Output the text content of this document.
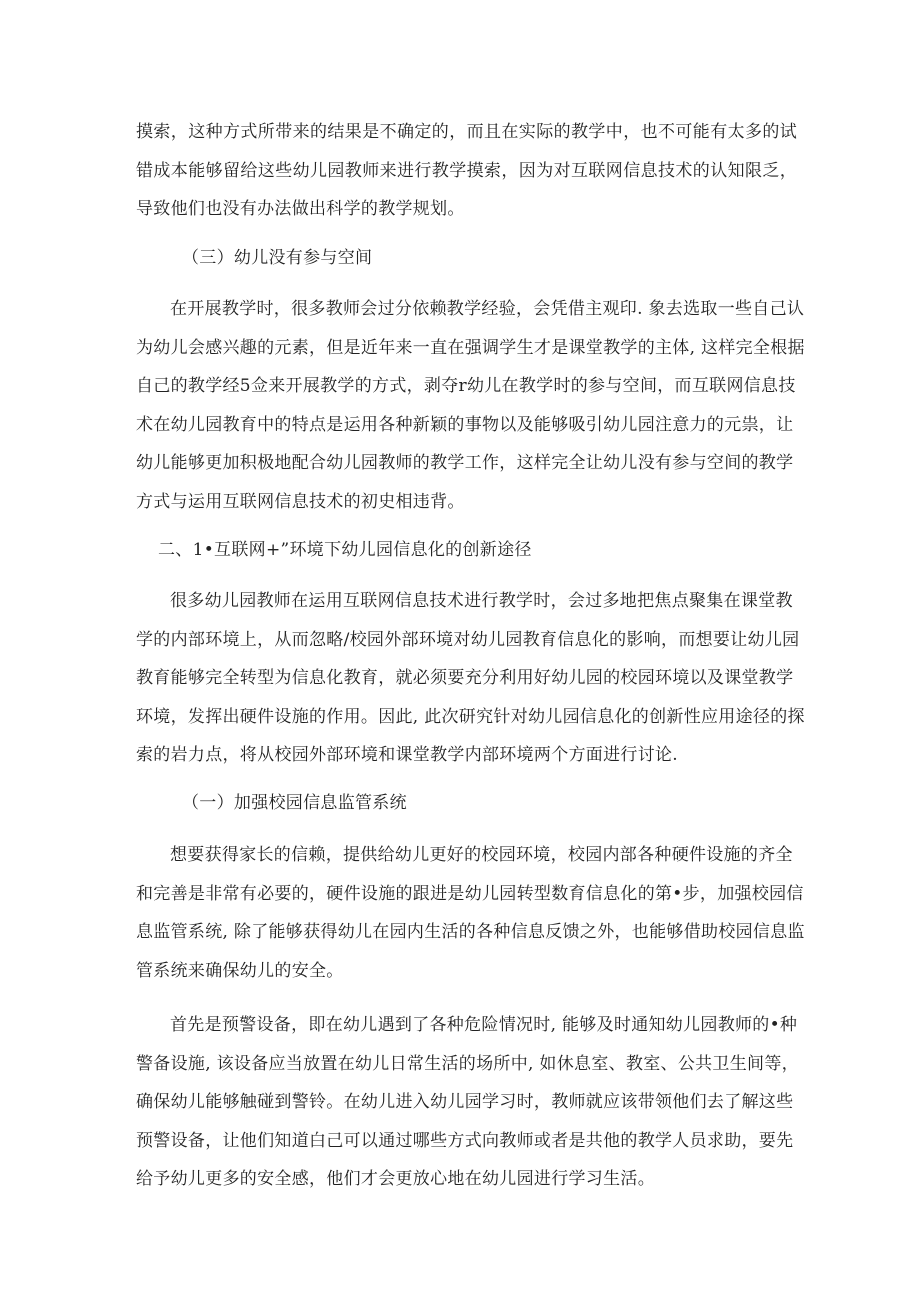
摸索，这种方式所带来的结果是不确定的，而且在实际的教学中，也不可能有太多的试
错成本能够留给这些幼儿园教师来进行教学摸索，因为对互联网信息技术的认知限乏，
导致他们也没有办法做出科学的教学规划。

（三）幼儿没有参与空间

在开展教学时，很多教师会过分依赖教学经验，会凭借主观印. 象去选取一些自己认
为幼儿会感兴趣的元素，但是近年来一直在强调学生才是课堂教学的主体, 这样完全根据
自己的教学经5佥来开展教学的方式，剥夺r幼儿在教学时的参与空间，而互联网信息技
术在幼儿园教育中的特点是运用各种新颖的事物以及能够吸引幼儿园注意力的元祟，让
幼儿能够更加积极地配合幼儿园教师的教学工作，这样完全让幼儿没有参与空间的教学
方式与运用互联网信息技术的初史相违背。

二、1•互联网+”环境下幼儿园信息化的创新途径

很多幼儿园教师在运用互联网信息技术进行教学时，会过多地把焦点聚集在课堂教
学的内部环境上，从而忽略/校园外部环境对幼儿园教育信息化的影响，而想要让幼儿园
教育能够完全转型为信息化教育，就必须要充分利用好幼儿园的校园环境以及课堂教学
环境，发挥出硬件设施的作用。因此, 此次研究针对幼儿园信息化的创新性应用途径的探
索的岩力点，将从校园外部环境和课堂教学内部环境两个方面进行讨论.

（一）加强校园信息监管系统

想要获得家长的信赖，提供给幼儿更好的校园环境，校园内部各种硬件设施的齐全
和完善是非常有必要的，硬件设施的跟进是幼儿园转型数育信息化的第•步，加强校园信
息监管系统, 除了能够获得幼儿在园内生活的各种信息反馈之外，也能够借助校园信息监
管系统来确保幼儿的安全。
首先是预警设备，即在幼儿遇到了各种危险情况时, 能够及时通知幼儿园教师的•种
警备设施, 该设备应当放置在幼儿日常生活的场所中, 如休息室、教室、公共卫生间等，
确保幼儿能够触碰到警铃。在幼儿进入幼儿园学习时，教师就应该带领他们去了解这些
预警设备，让他们知道白己可以通过哪些方式向教师或者是共他的教学人员求助，要先
给予幼儿更多的安全感，他们才会更放心地在幼儿园进行学习生活。
